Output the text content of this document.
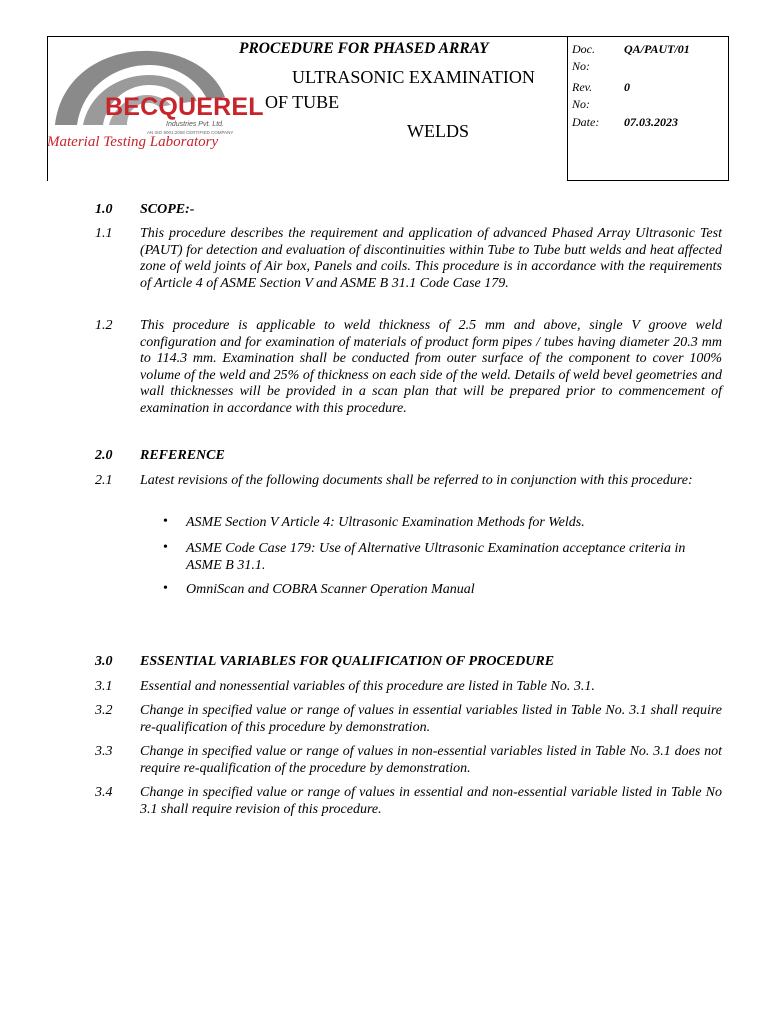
BECQUEREL
Industries Pvt. Ltd.
AN ISO 9001:2008 CERTIFIED COMPANY
Material Testing Laboratory
PROCEDURE FOR PHASED ARRAY
ULTRASONIC EXAMINATION
OF TUBE
WELDS
Doc. No:
QA/PAUT/01
Rev. No:
0
Date:	07.03.2023
1.0 SCOPE:-
1.1 This procedure describes the requirement and application of advanced Phased Array Ultrasonic Test (PAUT) for detection and evaluation of discontinuities within Tube to Tube butt welds and heat affected zone of weld joints of Air box, Panels and coils. This procedure is in accordance with the requirements of Article 4 of ASME Section V and ASME B 31.1 Code Case 179.
1.2 This procedure is applicable to weld thickness of 2.5 mm and above, single V groove weld configuration and for examination of materials of product form pipes / tubes having diameter 20.3 mm to 114.3 mm. Examination shall be conducted from outer surface of the component to cover 100% volume of the weld and 25% of thickness on each side of the weld. Details of weld bevel geometries and wall thicknesses will be provided in a scan plan that will be prepared prior to commencement of examination in accordance with this procedure.
2.0 REFERENCE
2.1 Latest revisions of the following documents shall be referred to in conjunction with this procedure:
• ASME Section V Article 4: Ultrasonic Examination Methods for Welds.
• ASME Code Case 179: Use of Alternative Ultrasonic Examination acceptance criteria in ASME B 31.1.
• OmniScan and COBRA Scanner Operation Manual
3.0 ESSENTIAL VARIABLES FOR QUALIFICATION OF PROCEDURE
3.1 Essential and nonessential variables of this procedure are listed in Table No. 3.1.
3.2 Change in specified value or range of values in essential variables listed in Table No. 3.1 shall require re-qualification of this procedure by demonstration.
3.3 Change in specified value or range of values in non-essential variables listed in Table No. 3.1 does not require re-qualification of the procedure by demonstration.
3.4 Change in specified value or range of values in essential and non-essential variable listed in Table No 3.1 shall require revision of this procedure.
